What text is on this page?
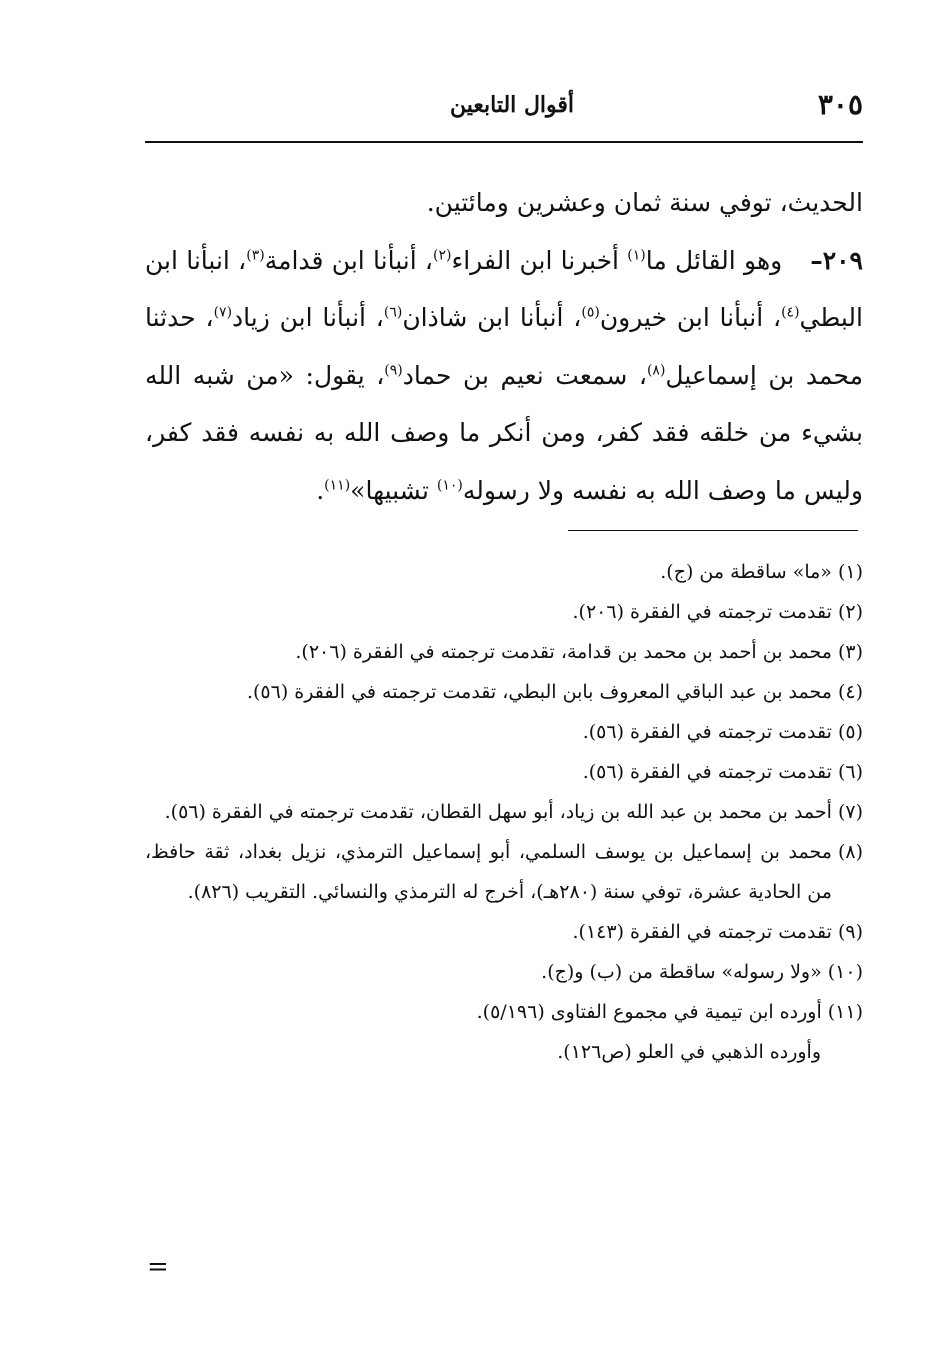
٣٠٥
أقوال التابعين

الحديث، توفي سنة ثمان وعشرين ومائتين.

٢٠٩–وهو القائل ما$^{(١)}$ أخبرنا ابن الفراء$^{(٢)}$، أنبأنا ابن قدامة$^{(٣)}$، انبأنا ابن البطي$^{(٤)}$، أنبأنا ابن خيرون$^{(٥)}$، أنبأنا ابن شاذان$^{(٦)}$، أنبأنا ابن زياد$^{(٧)}$، حدثنا محمد بن إسماعيل$^{(٨)}$، سمعت نعيم بن حماد$^{(٩)}$، يقول: «من شبه الله بشيء من خلقه فقد كفر، ومن أنكر ما وصف الله به نفسه فقد كفر، وليس ما وصف الله به نفسه ولا رسوله$^{(١٠)}$ تشبيها»$^{(١١)}$.

(١)
«ما» ساقطة من (ج).
(٢)
تقدمت ترجمته في الفقرة (٢٠٦).
(٣)
محمد بن أحمد بن محمد بن قدامة، تقدمت ترجمته في الفقرة (٢٠٦).
(٤)
محمد بن عبد الباقي المعروف بابن البطي، تقدمت ترجمته في الفقرة (٥٦).
(٥)
تقدمت ترجمته في الفقرة (٥٦).
(٦)
تقدمت ترجمته في الفقرة (٥٦).
(٧)
أحمد بن محمد بن عبد الله بن زياد، أبو سهل القطان، تقدمت ترجمته في الفقرة (٥٦).
(٨)
محمد بن إسماعيل بن يوسف السلمي، أبو إسماعيل الترمذي، نزيل بغداد، ثقة حافظ، من الحادية عشرة، توفي سنة (٢٨٠هـ)، أخرج له الترمذي والنسائي. التقريب (٨٢٦).
(٩)
تقدمت ترجمته في الفقرة (١٤٣).
(١٠)
«ولا رسوله» ساقطة من (ب) و(ج).
(١١)
أورده ابن تيمية في مجموع الفتاوى (٥/١٩٦).

وأورده الذهبي في العلو (ص١٢٦).

=
